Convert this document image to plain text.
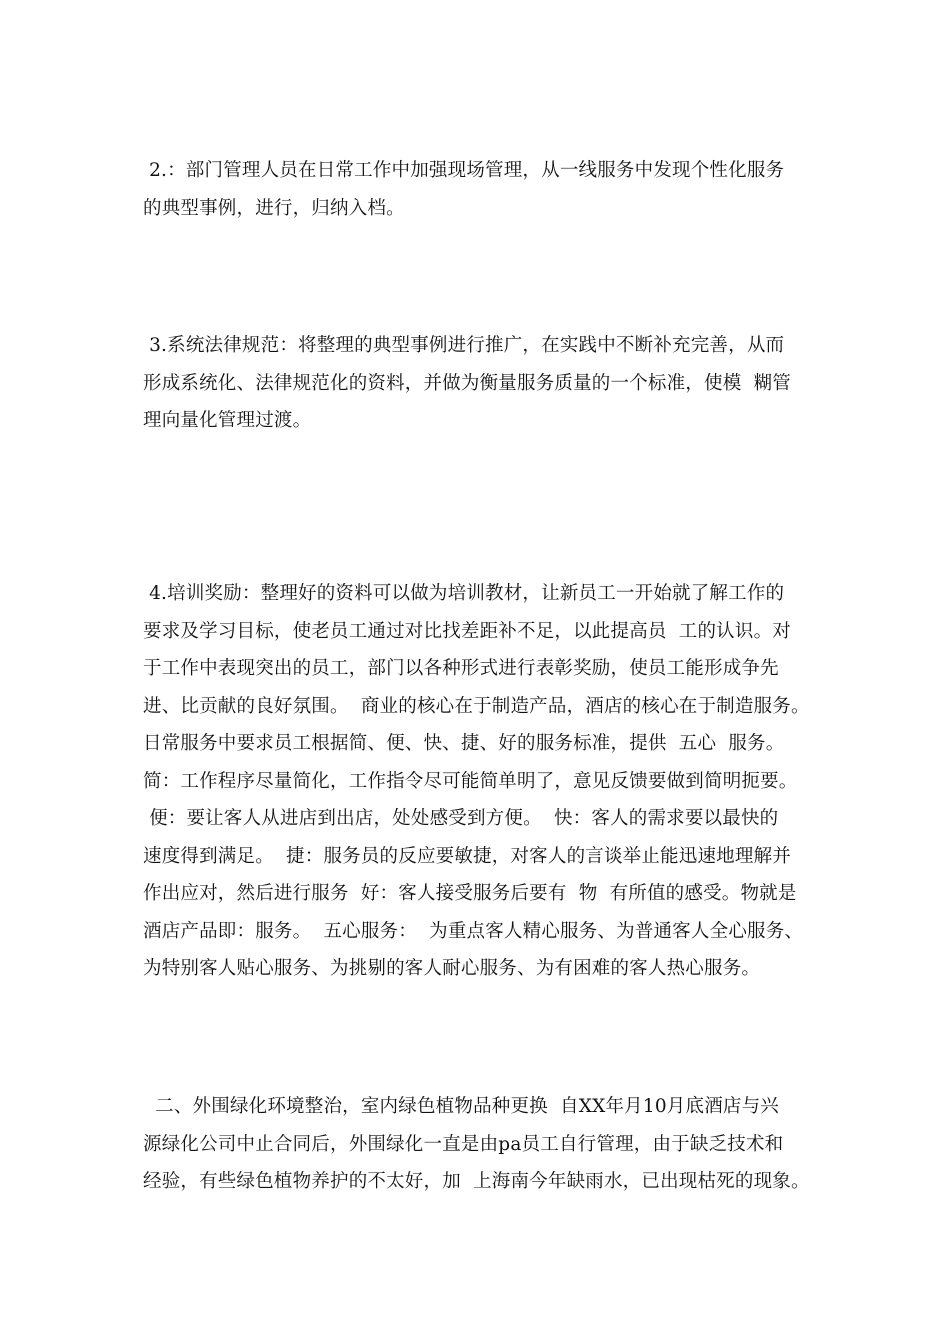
2.：部门管理人员在日常工作中加强现场管理，从一线服务中发现个性化服务
的典型事例，进行，归纳入档。
3.系统法律规范：将整理的典型事例进行推广，在实践中不断补充完善，从而
形成系统化、法律规范化的资料，并做为衡量服务质量的一个标准，使模  糊管
理向量化管理过渡。
4.培训奖励：整理好的资料可以做为培训教材，让新员工一开始就了解工作的
要求及学习目标，使老员工通过对比找差距补不足，以此提高员  工的认识。对
于工作中表现突出的员工，部门以各种形式进行表彰奖励，使员工能形成争先
进、比贡献的良好氛围。  商业的核心在于制造产品，酒店的核心在于制造服务。
日常服务中要求员工根据简、便、快、捷、好的服务标准，提供  五心  服务。
简：工作程序尽量简化，工作指令尽可能简单明了，意见反馈要做到简明扼要。
便：要让客人从进店到出店，处处感受到方便。  快：客人的需求要以最快的
速度得到满足。  捷：服务员的反应要敏捷，对客人的言谈举止能迅速地理解并
作出应对，然后进行服务  好：客人接受服务后要有  物  有所值的感受。物就是
酒店产品即：服务。  五心服务：  为重点客人精心服务、为普通客人全心服务、
为特别客人贴心服务、为挑剔的客人耐心服务、为有困难的客人热心服务。
二、外围绿化环境整治，室内绿色植物品种更换  自XX年月10月底酒店与兴
源绿化公司中止合同后，外围绿化一直是由pa员工自行管理，由于缺乏技术和
经验，有些绿色植物养护的不太好，加  上海南今年缺雨水，已出现枯死的现象。
